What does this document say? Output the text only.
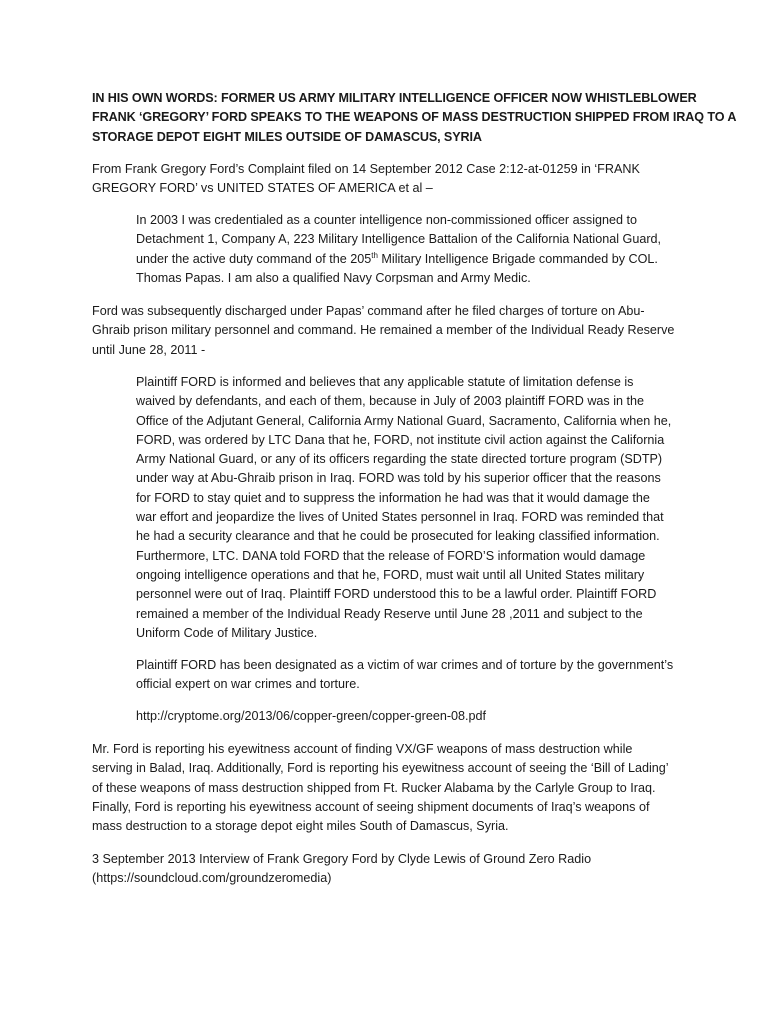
IN HIS OWN WORDS: FORMER US ARMY MILITARY INTELLIGENCE OFFICER NOW WHISTLEBLOWER
FRANK ‘GREGORY’ FORD SPEAKS TO THE WEAPONS OF MASS DESTRUCTION SHIPPED FROM IRAQ TO A
STORAGE DEPOT EIGHT MILES OUTSIDE OF DAMASCUS, SYRIA
From Frank Gregory Ford’s Complaint filed on 14 September 2012 Case 2:12-at-01259 in ‘FRANK
GREGORY FORD’ vs UNITED STATES OF AMERICA et al –
In 2003 I was credentialed as a counter intelligence non-commissioned officer assigned to
Detachment 1, Company A, 223 Military Intelligence Battalion of the California National Guard,
under the active duty command of the 205th Military Intelligence Brigade commanded by COL.
Thomas Papas. I am also a qualified Navy Corpsman and Army Medic.
Ford was subsequently discharged under Papas’ command after he filed charges of torture on Abu-
Ghraib prison military personnel and command. He remained a member of the Individual Ready Reserve
until June 28, 2011 -
Plaintiff FORD is informed and believes that any applicable statute of limitation defense is
waived by defendants, and each of them, because in July of 2003 plaintiff FORD was in the
Office of the Adjutant General, California Army National Guard, Sacramento, California when he,
FORD, was ordered by LTC Dana that he, FORD, not institute civil action against the California
Army National Guard, or any of its officers regarding the state directed torture program (SDTP)
under way at Abu-Ghraib prison in Iraq. FORD was told by his superior officer that the reasons
for FORD to stay quiet and to suppress the information he had was that it would damage the
war effort and jeopardize the lives of United States personnel in Iraq. FORD was reminded that
he had a security clearance and that he could be prosecuted for leaking classified information.
Furthermore, LTC. DANA told FORD that the release of FORD’S information would damage
ongoing intelligence operations and that he, FORD, must wait until all United States military
personnel were out of Iraq. Plaintiff FORD understood this to be a lawful order. Plaintiff FORD
remained a member of the Individual Ready Reserve until June 28 ,2011 and subject to the
Uniform Code of Military Justice.
Plaintiff FORD has been designated as a victim of war crimes and of torture by the government’s
official expert on war crimes and torture.
http://cryptome.org/2013/06/copper-green/copper-green-08.pdf
Mr. Ford is reporting his eyewitness account of finding VX/GF weapons of mass destruction while
serving in Balad, Iraq. Additionally, Ford is reporting his eyewitness account of seeing the ‘Bill of Lading’
of these weapons of mass destruction shipped from Ft. Rucker Alabama by the Carlyle Group to Iraq.
Finally, Ford is reporting his eyewitness account of seeing shipment documents of Iraq’s weapons of
mass destruction to a storage depot eight miles South of Damascus, Syria.
3 September 2013 Interview of Frank Gregory Ford by Clyde Lewis of Ground Zero Radio
(https://soundcloud.com/groundzeromedia)
